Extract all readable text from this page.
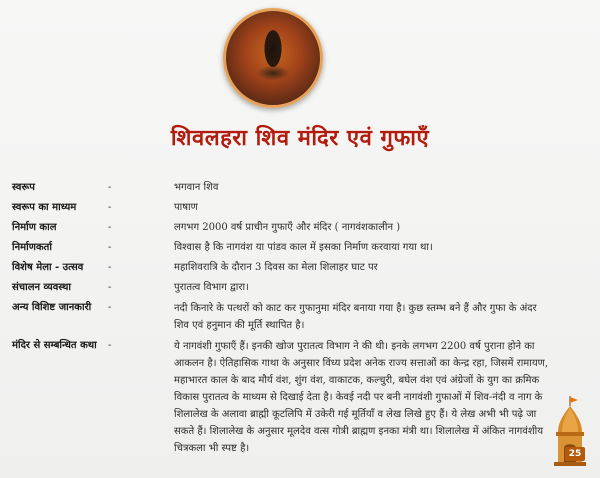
शिवलहरा शिव मंदिर एवं गुफाएँ
स्वरूप	-	भगवान शिव
स्वरूप का माध्यम	-	पाषाण
निर्माण काल	-	लगभग 2000 वर्ष प्राचीन गुफाएँ और मंदिर ( नागवंशकालीन )
निर्माणकर्ता	-	विश्वास है कि नागवंश या पांडव काल में इसका निर्माण करवाया गया था।
विशेष मेला - उत्सव	-	महाशिवरात्रि के दौरान 3 दिवस का मेला शिलाहर घाट पर
संचालन व्यवस्था	-	पुरातत्व विभाग द्वारा।
अन्य विशिष्ट जानकारी	-	नदी किनारे के पत्थरों को काट कर गुफानुमा मंदिर बनाया गया है। कुछ स्तम्भ बने हैं और गुफा के अंदर शिव एवं हनुमान की मूर्ति स्थापित है।
मंदिर से सम्बन्धित कथा	-	ये नागवंशी गुफाएँ हैं। इनकी खोज पुरातत्व विभाग ने की थी। इनके लगभग 2200 वर्ष पुराना होने का आकलन है। ऐतिहासिक गाथा के अनुसार विंध्य प्रदेश अनेक राज्य सत्ताओं का केन्द्र रहा, जिसमें रामायण, महाभारत काल के बाद मौर्य वंश, शुंग वंश, वाकाटक, कल्चुरी, बघेल वंश एवं अंग्रेजों के युग का क्रमिक विकास पुरातत्व के माध्यम से दिखाई देता है। केवई नदी पर बनी नागवंशी गुफाओं में शिव-नंदी व नाग के शिलालेख के अलावा ब्राह्मी कूटलिपि में उकेरी गई मूर्तियाँ व लेख लिखे हुए हैं। ये लेख अभी भी पढ़े जा सकते हैं। शिलालेख के अनुसार मूलदेव वत्स गोत्री ब्राह्मण इनका मंत्री था। शिलालेख में अंकित नागवंशीय चित्रकला भी स्पष्ट है।	25
